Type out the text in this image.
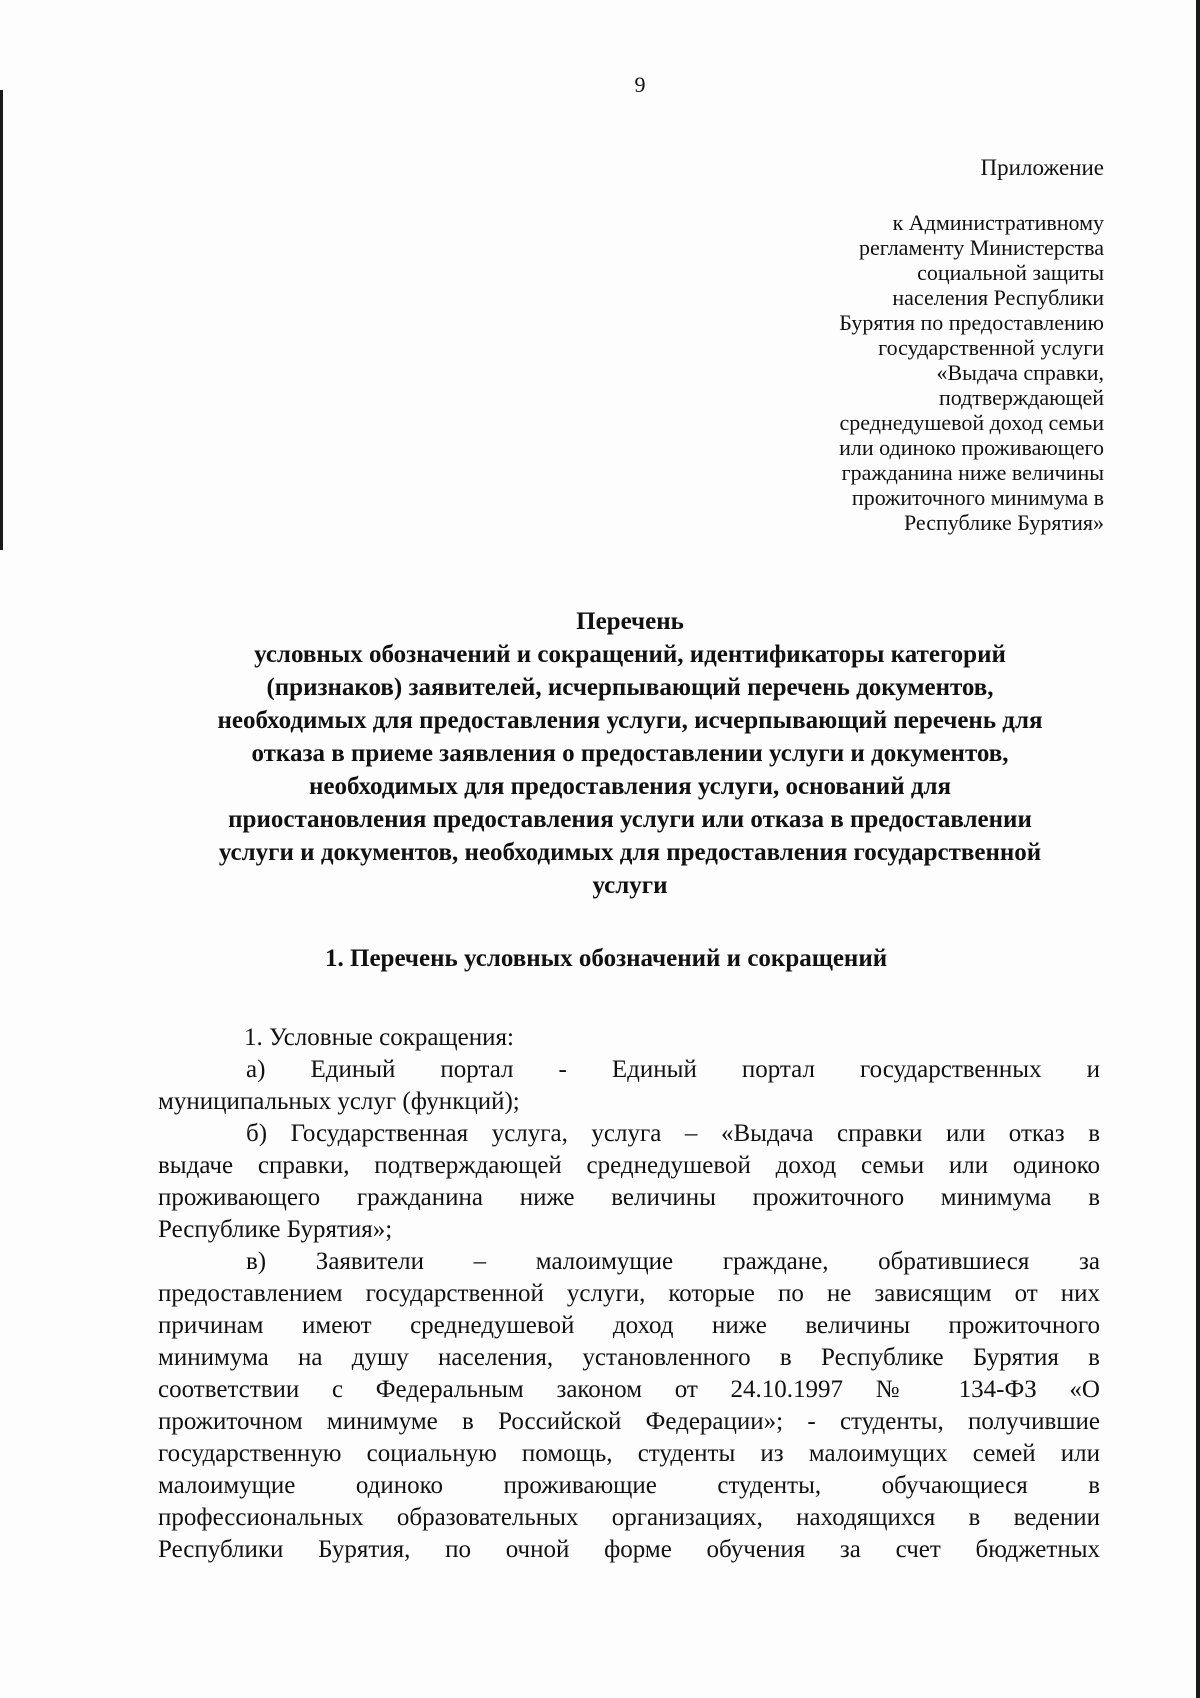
9
Приложение
к Административному
регламенту Министерства
социальной защиты
населения Республики
Бурятия по предоставлению
государственной услуги
«Выдача справки,
подтверждающей
среднедушевой доход семьи
или одиноко проживающего
гражданина ниже величины
прожиточного минимума в
Республике Бурятия»
Перечень
условных обозначений и сокращений, идентификаторы категорий
(признаков) заявителей, исчерпывающий перечень документов,
необходимых для предоставления услуги, исчерпывающий перечень для
отказа в приеме заявления о предоставлении услуги и документов,
необходимых для предоставления услуги, оснований для
приостановления предоставления услуги или отказа в предоставлении
услуги и документов, необходимых для предоставления государственной
услуги
1. Перечень условных обозначений и сокращений
1. Условные сокращения:
а) Единый портал - Единый портал государственных и
муниципальных услуг (функций);
б) Государственная услуга, услуга – «Выдача справки или отказ в
выдаче справки, подтверждающей среднедушевой доход семьи или одиноко
проживающего гражданина ниже величины прожиточного минимума в
Республике Бурятия»;
в) Заявители – малоимущие граждане, обратившиеся за
предоставлением государственной услуги, которые по не зависящим от них
причинам имеют среднедушевой доход ниже величины прожиточного
минимума на душу населения, установленного в Республике Бурятия в
соответствии с Федеральным законом от 24.10.1997 № 134-ФЗ «О
прожиточном минимуме в Российской Федерации»; - студенты, получившие
государственную социальную помощь, студенты из малоимущих семей или
малоимущие одиноко проживающие студенты, обучающиеся в
профессиональных образовательных организациях, находящихся в ведении
Республики Бурятия, по очной форме обучения за счет бюджетных
